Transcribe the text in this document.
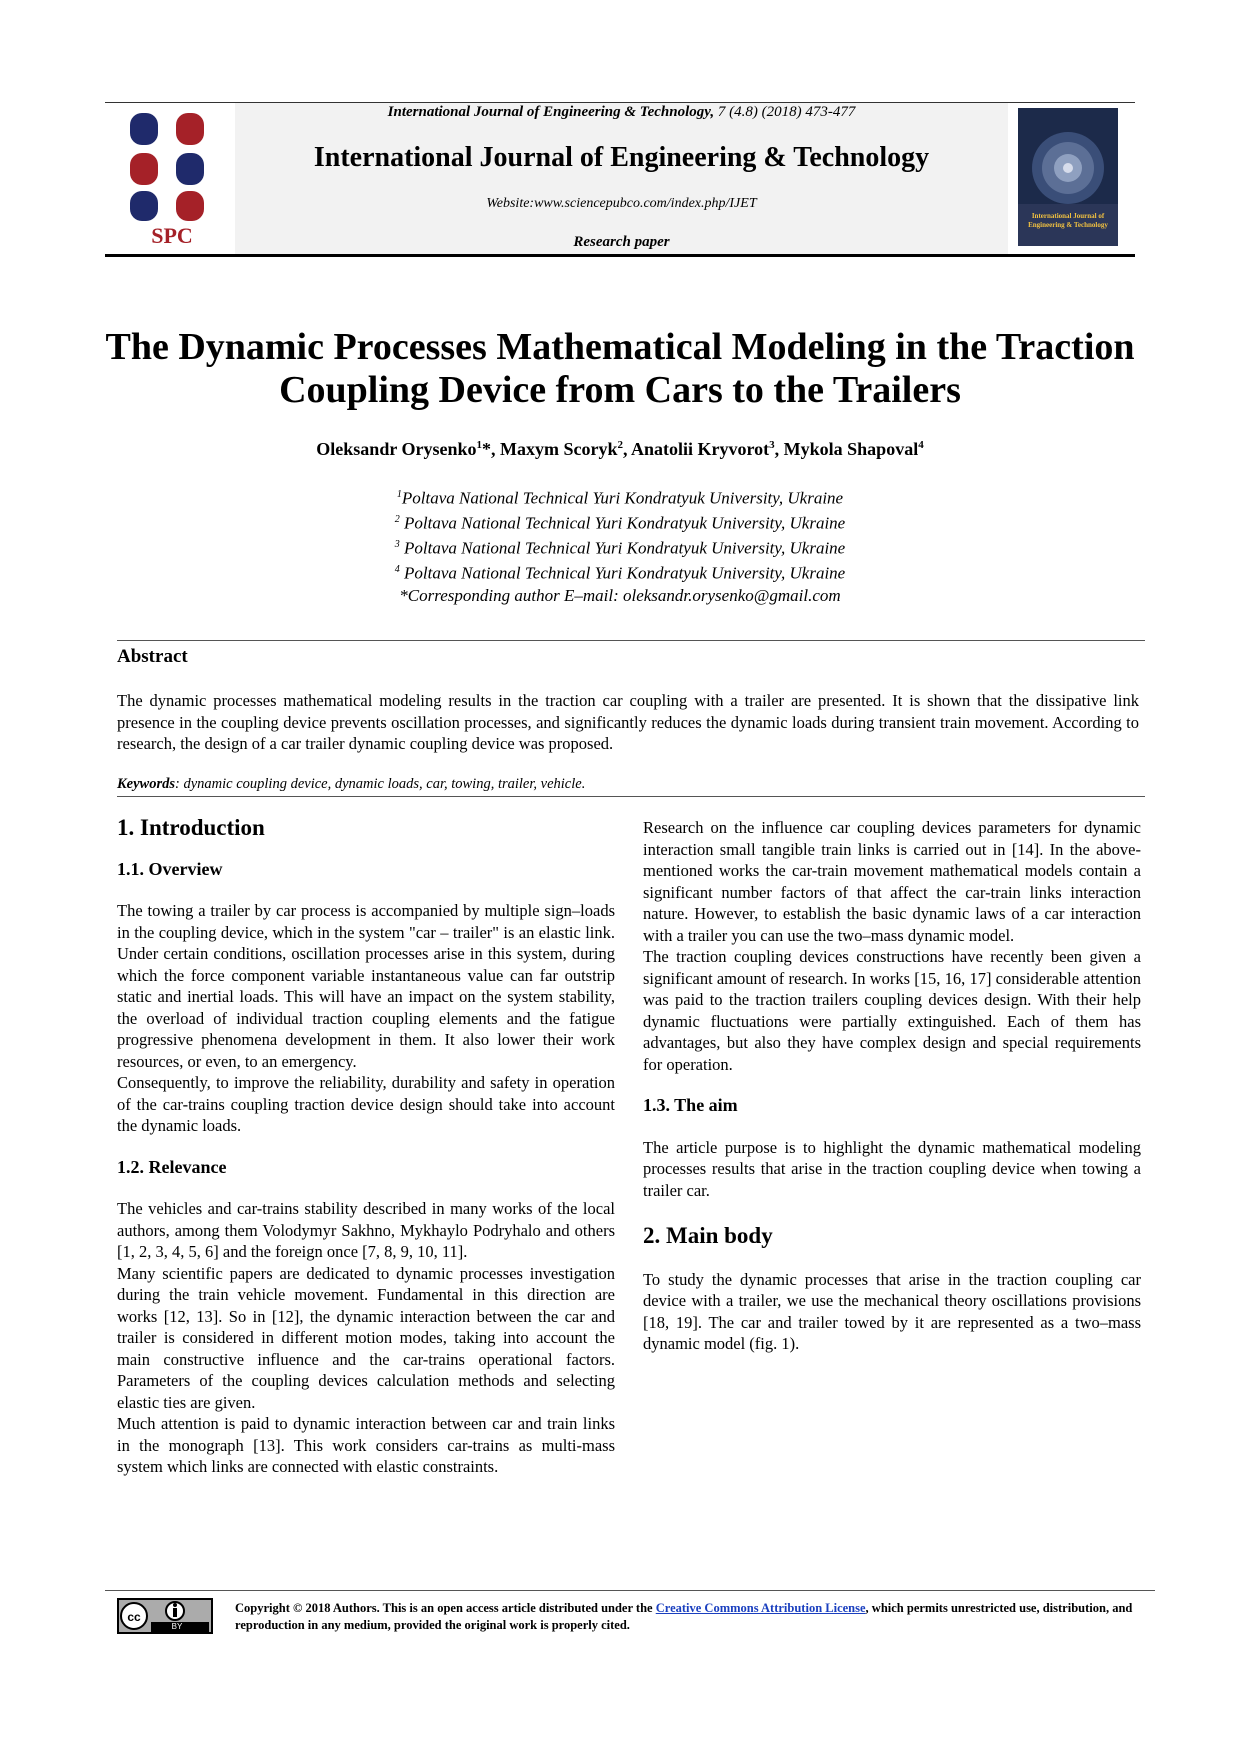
SPC
International Journal of Engineering & Technology, 7 (4.8) (2018) 473-477
International Journal of Engineering & Technology
Website:www.sciencepubco.com/index.php/IJET
Research paper
International Journal of Engineering & Technology
The Dynamic Processes Mathematical Modeling in the Traction
Coupling Device from Cars to the Trailers
Oleksandr Orysenko$^1$*, Maxym Scoryk$^2$, Anatolii Kryvorot$^3$, Mykola Shapoval$^4$
$^1$Poltava National Technical Yuri Kondratyuk University, Ukraine
$^2$ Poltava National Technical Yuri Kondratyuk University, Ukraine
$^3$ Poltava National Technical Yuri Kondratyuk University, Ukraine
$^4$ Poltava National Technical Yuri Kondratyuk University, Ukraine
*Corresponding author E–mail: oleksandr.orysenko@gmail.com
Abstract
The dynamic processes mathematical modeling results in the traction car coupling with a trailer are presented. It is shown that the dissipative link presence in the coupling device prevents oscillation processes, and significantly reduces the dynamic loads during transient train movement. According to research, the design of a car trailer dynamic coupling device was proposed.
Keywords: dynamic coupling device, dynamic loads, car, towing, trailer, vehicle.
1. Introduction
1.1. Overview

The towing a trailer by car process is accompanied by multiple sign–loads in the coupling device, which in the system "car – trailer" is an elastic link. Under certain conditions, oscillation processes arise in this system, during which the force component variable instantaneous value can far outstrip static and inertial loads. This will have an impact on the system stability, the overload of individual traction coupling elements and the fatigue progressive phenomena development in them. It also lower their work resources, or even, to an emergency.

Consequently, to improve the reliability, durability and safety in operation of the car-trains coupling traction device design should take into account the dynamic loads.

1.2. Relevance

The vehicles and car-trains stability described in many works of the local authors, among them Volodymyr Sakhno, Mykhaylo Podryhalo and others [1, 2, 3, 4, 5, 6] and the foreign once [7, 8, 9, 10, 11].

Many scientific papers are dedicated to dynamic processes investigation during the train vehicle movement. Fundamental in this direction are works [12, 13]. So in [12], the dynamic interaction between the car and trailer is considered in different motion modes, taking into account the main constructive influence and the car-trains operational factors. Parameters of the coupling devices calculation methods and selecting elastic ties are given.

Much attention is paid to dynamic interaction between car and train links in the monograph [13]. This work considers car-trains as multi-mass system which links are connected with elastic constraints.

Research on the influence car coupling devices parameters for dynamic interaction small tangible train links is carried out in [14]. In the above-mentioned works the car-train movement mathematical models contain a significant number factors of that affect the car-train links interaction nature. However, to establish the basic dynamic laws of a car interaction with a trailer you can use the two–mass dynamic model.

The traction coupling devices constructions have recently been given a significant amount of research. In works [15, 16, 17] considerable attention was paid to the traction trailers coupling devices design. With their help dynamic fluctuations were partially extinguished. Each of them has advantages, but also they have complex design and special requirements for operation.

1.3. The aim

The article purpose is to highlight the dynamic mathematical modeling processes results that arise in the traction coupling device when towing a trailer car.

2. Main body

To study the dynamic processes that arise in the traction coupling car device with a trailer, we use the mechanical theory oscillations provisions [18, 19]. The car and trailer towed by it are represented as a two–mass dynamic model (fig. 1).

cc
BY
Copyright © 2018 Authors. This is an open access article distributed under the Creative Commons Attribution License, which permits unrestricted use, distribution, and reproduction in any medium, provided the original work is properly cited.
